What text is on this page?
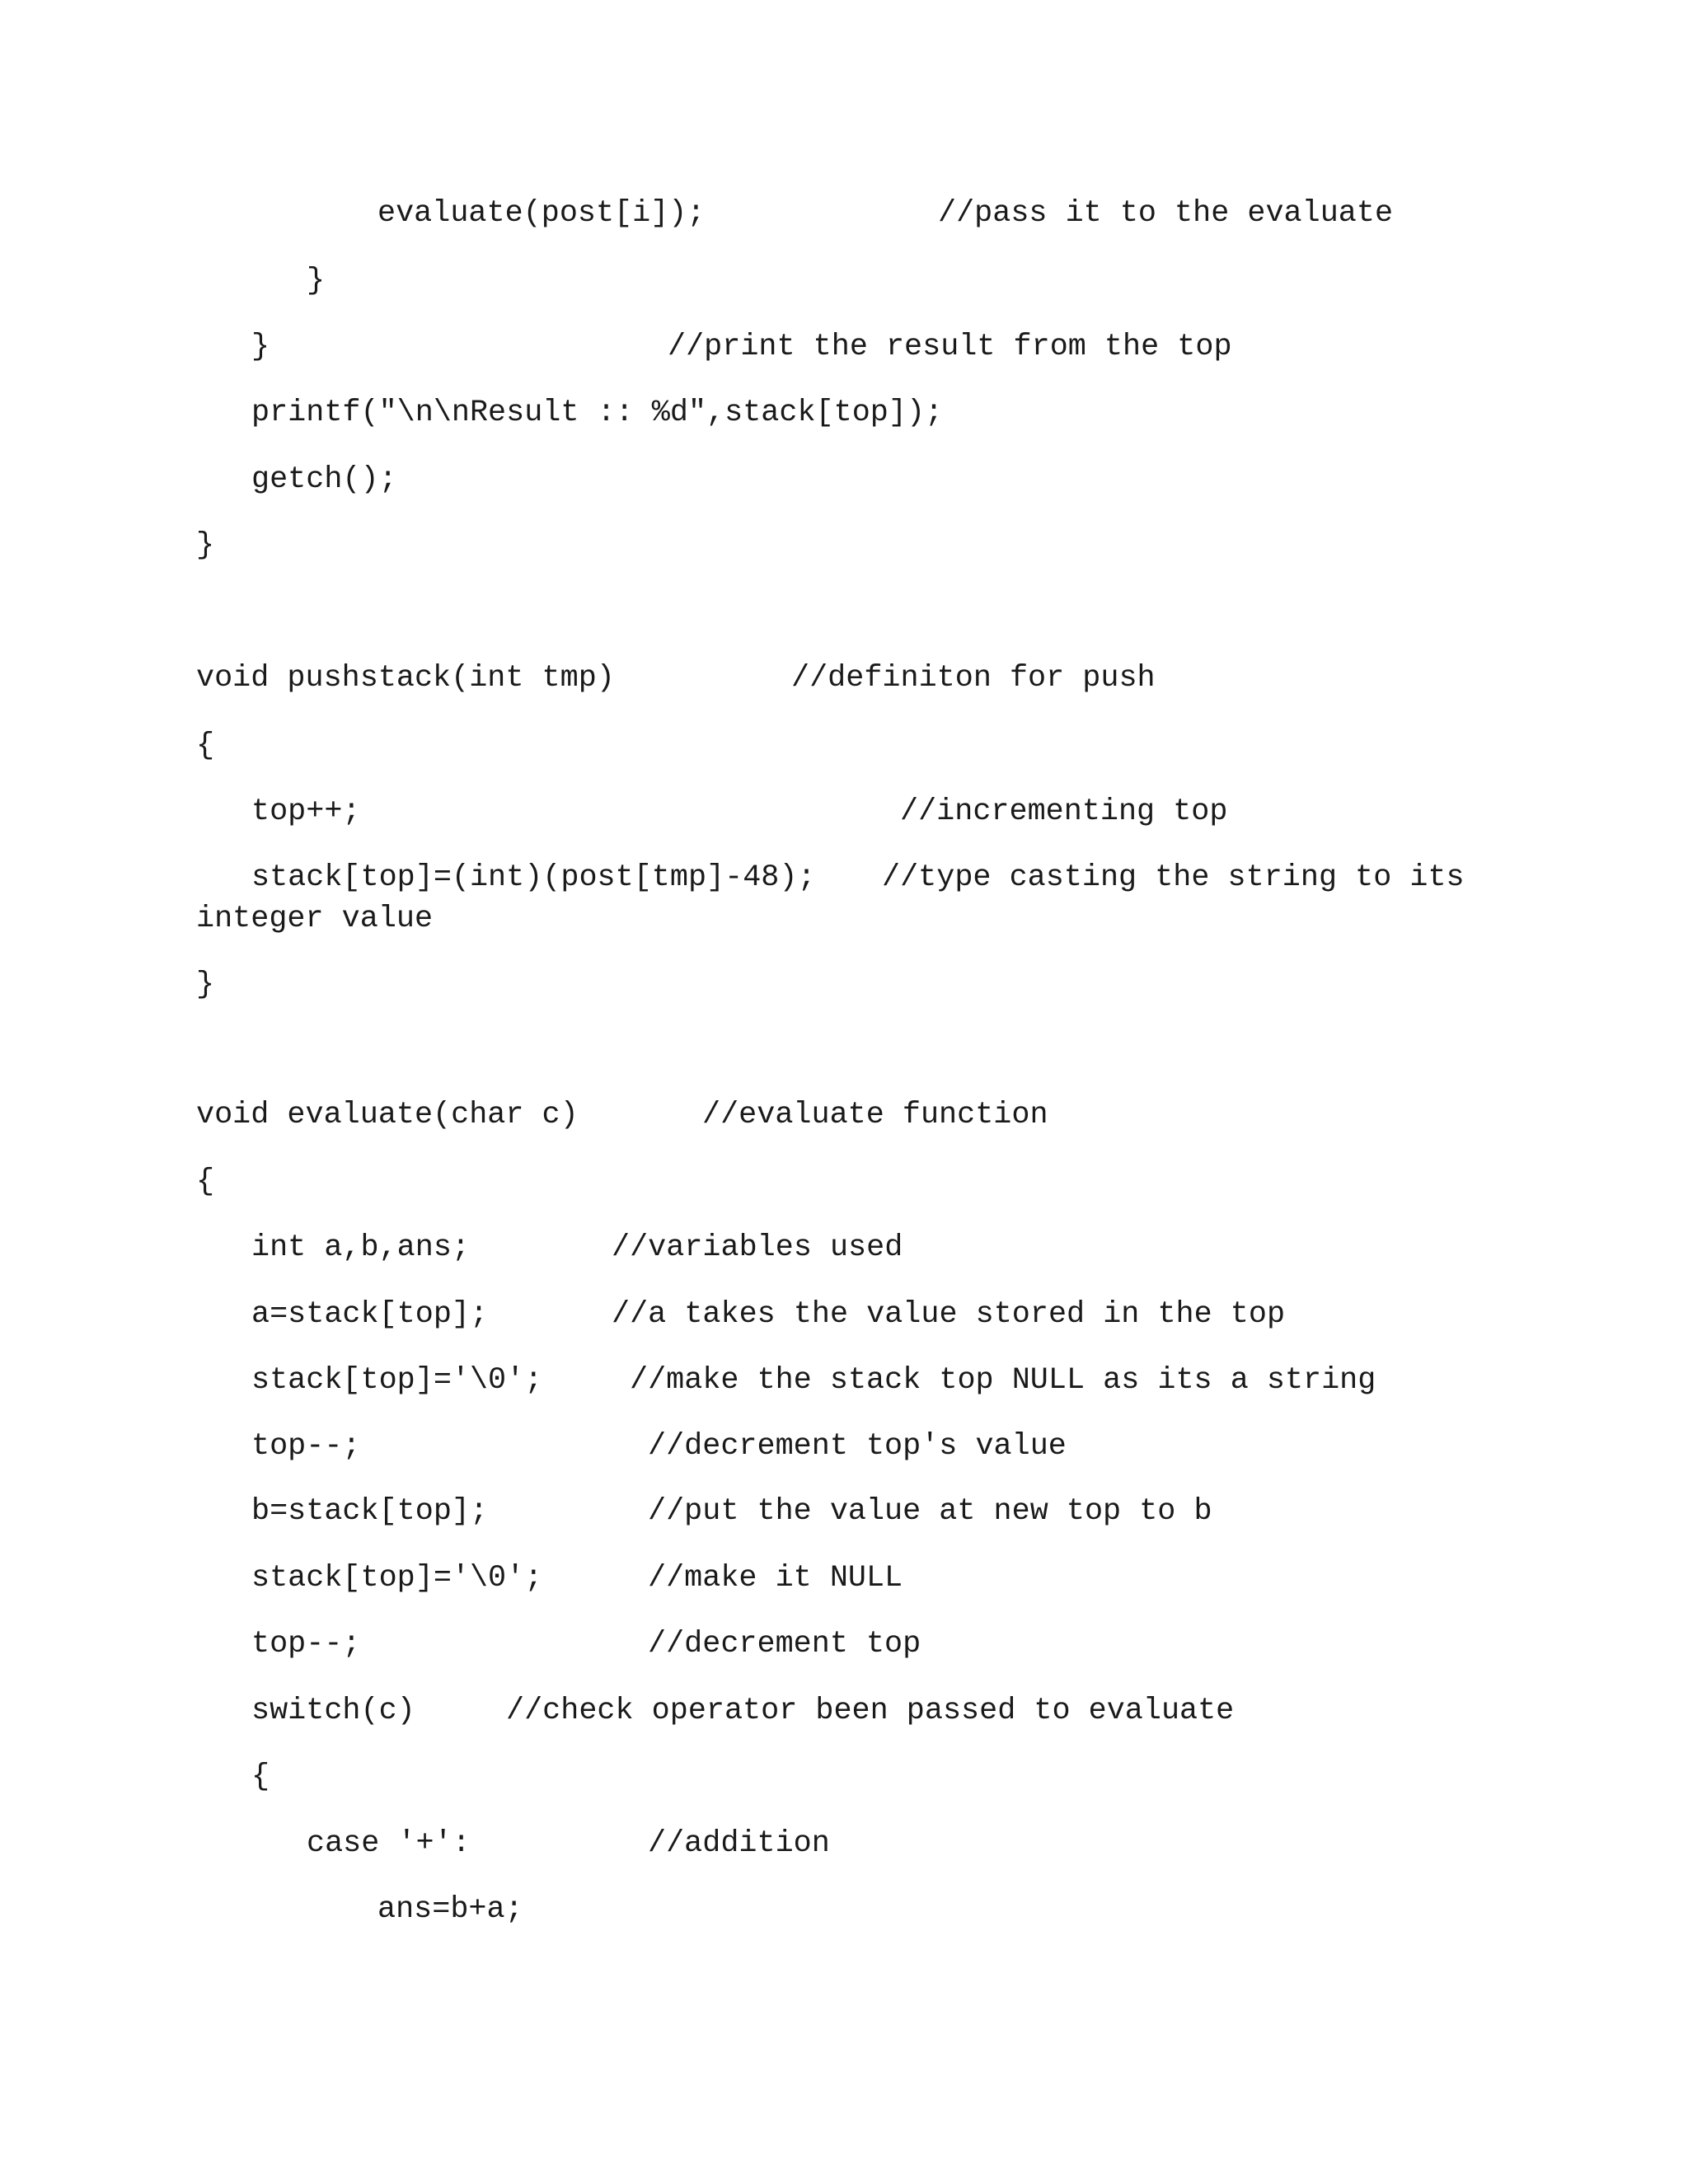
evaluate(post[i]);	//pass it to the evaluate

}

}	//print the result from the top

printf("\n\nResult :: %d",stack[top]);

getch();

}

void pushstack(int tmp)	//definiton for push

{

top++;	//incrementing top

stack[top]=(int)(post[tmp]-48); //type casting the string to its

integer value

}

void evaluate(char c)	//evaluate function

{

int a,b,ans;	//variables used

a=stack[top];	//a takes the value stored in the top

stack[top]='\0';	//make the stack top NULL as its a string

top--;	//decrement top's value

b=stack[top];	//put the value at new top to b

stack[top]='\0';	//make it NULL

top--;	//decrement top

switch(c)	//check operator been passed to evaluate

{

case '+':	//addition

ans=b+a;
